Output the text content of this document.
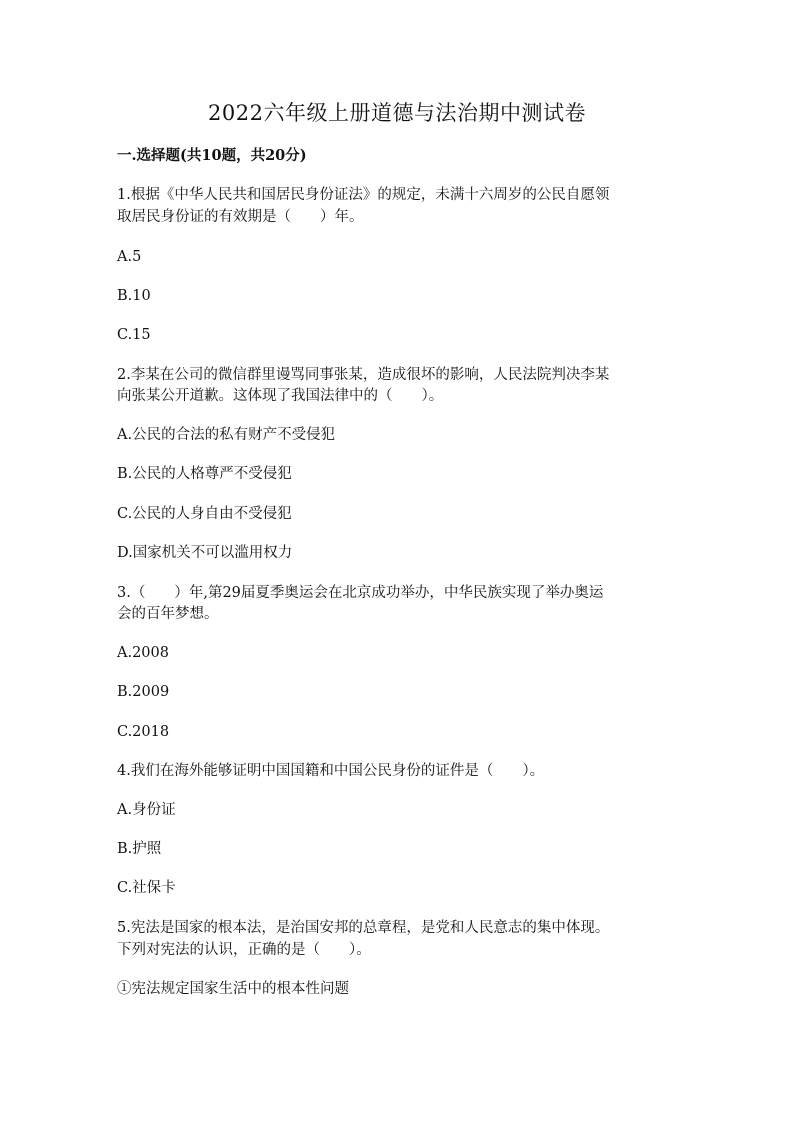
2022六年级上册道德与法治期中测试卷
一.选择题(共10题，共20分)
1.根据《中华人民共和国居民身份证法》的规定，未满十六周岁的公民自愿领
取居民身份证的有效期是（　　）年。
A.5
B.10
C.15
2.李某在公司的微信群里谩骂同事张某，造成很坏的影响，人民法院判决李某
向张某公开道歉。这体现了我国法律中的（　　）。
A.公民的合法的私有财产不受侵犯
B.公民的人格尊严不受侵犯
C.公民的人身自由不受侵犯
D.国家机关不可以滥用权力
3.（　　）年,第29届夏季奥运会在北京成功举办，中华民族实现了举办奥运
会的百年梦想。
A.2008
B.2009
C.2018
4.我们在海外能够证明中国国籍和中国公民身份的证件是（　　）。
A.身份证
B.护照
C.社保卡
5.宪法是国家的根本法，是治国安邦的总章程，是党和人民意志的集中体现。
下列对宪法的认识，正确的是（　　）。
①宪法规定国家生活中的根本性问题
